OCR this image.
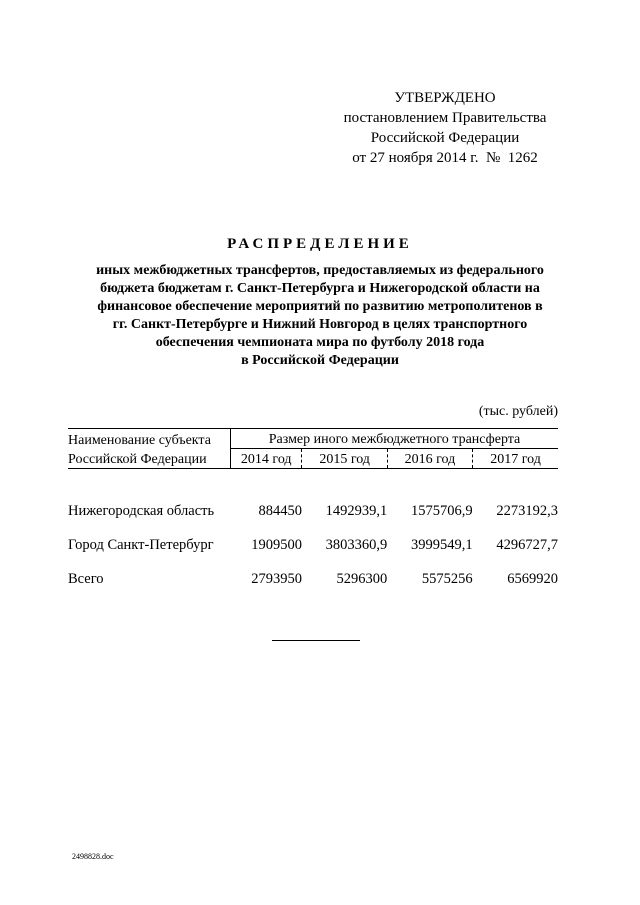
УТВЕРЖДЕНО
постановлением Правительства
Российской Федерации
от 27 ноября 2014 г.  №  1262
РАСПРЕДЕЛЕНИЕ
иных межбюджетных трансфертов, предоставляемых из федерального
бюджета бюджетам г. Санкт-Петербурга и Нижегородской области на
финансовое обеспечение мероприятий по развитию метрополитенов в
гг. Санкт-Петербурге и Нижний Новгород в целях транспортного
обеспечения чемпионата мира по футболу 2018 года
в Российской Федерации
(тыс. рублей)
Наименование субъекта	Размер иного межбюджетного трансферта			
Российской Федерации	2014 год	2015 год	2016 год	2017 год

Нижегородская область	884450	1492939,1	1575706,9	2273192,3
Город Санкт-Петербург	1909500	3803360,9	3999549,1	4296727,7
Всего	2793950	5296300	5575256	6569920
2498828.doc
